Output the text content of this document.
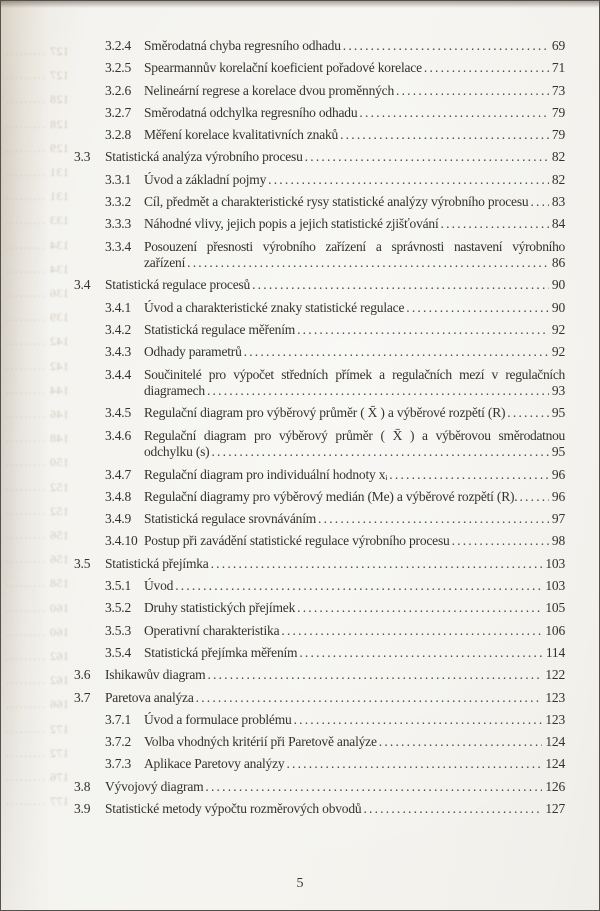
127 .....
127 .....
128 .....
128 .....
129 .....
131 .....
131 .....
133 .....
134 .....
134 .....
136 .....
139 .....
142 .....
142 .....
144 .....
146 .....
148 .....
150 .....
152 .....
152 .....
156 .....
156 .....
158 .....
160 .....
160 .....
162 .....
162 .....
166 .....
172 .....
172 .....
176 .....
177 .....
3.2.4 Směrodatná chyba regresního odhadu .....	69
3.2.5 Spearmannův korelační koeficient pořadové korelace .....	71
3.2.6 Nelineární regrese a korelace dvou proměnných .....	73
3.2.7 Směrodatná odchylka regresního odhadu .....	79
3.2.8 Měření korelace kvalitativních znaků .....	79
3.3	Statistická analýza výrobního procesu .....	82
3.3.1 Úvod a základní pojmy .....	82
3.3.2 Cíl, předmět a charakteristické rysy statistické analýzy výrobního procesu ..... 83
3.3.3 Náhodné vlivy, jejich popis a jejich statistické zjišťování .....	84
3.3.4 Posouzení přesnosti výrobního zařízení a správnosti nastavení výrobního
zařízení .....	86
3.4	Statistická regulace procesů .....	90
3.4.1 Úvod a charakteristické znaky statistické regulace .....	90
3.4.2 Statistická regulace měřením .....	92
3.4.3 Odhady parametrů .....	92
3.4.4 Součinitelé pro výpočet středních přímek a regulačních mezí v regulačních
diagramech .....	93
3.4.5 Regulační diagram pro výběrový průměr ( X̄ ) a výběrové rozpětí (R) .....	95
3.4.6 Regulační diagram pro výběrový průměr ( X̄ ) a výběrovou směrodatnou
odchylku (s) .....	95
3.4.7 Regulační diagram pro individuální hodnoty xᵢ .....	96
3.4.8 Regulační diagramy pro výběrový medián (Me) a výběrové rozpětí (R). .....	96
3.4.9 Statistická regulace srovnáváním .....	97
3.4.10 Postup při zavádění statistické regulace výrobního procesu .....	98
3.5	Statistická přejímka .....	103
3.5.1 Úvod .....	103
3.5.2 Druhy statistických přejímek .....	105
3.5.3 Operativní charakteristika .....	106
3.5.4 Statistická přejímka měřením .....	114
3.6	Ishikawův diagram .....	122
3.7	Paretova analýza .....	123
3.7.1 Úvod a formulace problému .....	123
3.7.2 Volba vhodných kritérií při Paretově analýze .....	124
3.7.3 Aplikace Paretovy analýzy .....	124
3.8	Vývojový diagram .....	126
3.9	Statistické metody výpočtu rozměrových obvodů .....	127
5
